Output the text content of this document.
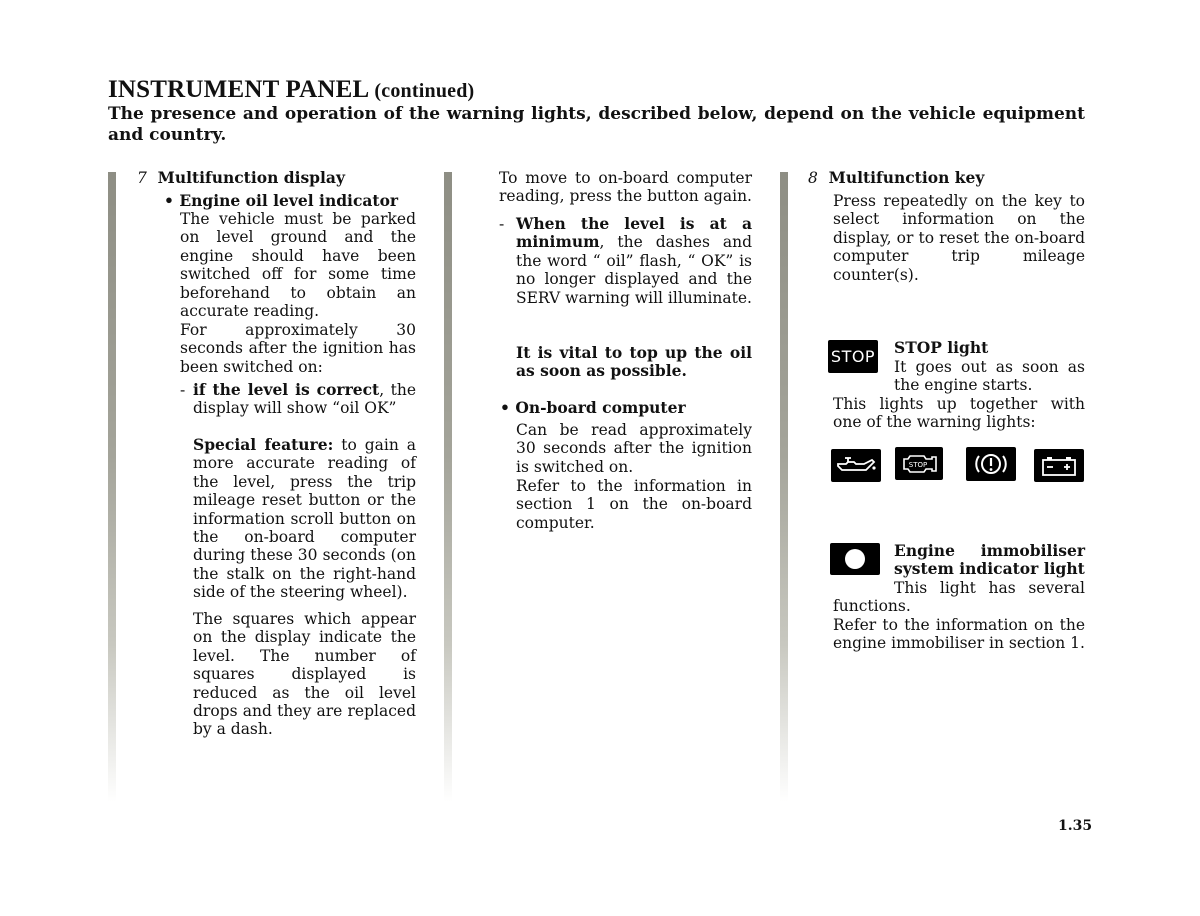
INSTRUMENT PANEL (continued)
The presence and operation of the warning lights, described below, depend on the vehicle equipment and country.
7 Multifunction display
• Engine oil level indicator
The vehicle must be parked on level ground and the engine should have been switched off for some time beforehand to obtain an accurate reading.
For approximately 30 seconds after the ignition has been switched on:
- if the level is correct, the display will show “oil OK”
Special feature: to gain a more accurate reading of the level, press the trip mileage reset button or the information scroll button on the on-board computer during these 30 seconds (on the stalk on the right-hand side of the steering wheel).
The squares which appear on the display indicate the level. The number of squares displayed is reduced as the oil level drops and they are replaced by a dash.
To move to on-board computer reading, press the button again.
- When the level is at a minimum, the dashes and the word “ oil” flash, “ OK” is no longer displayed and the SERV warning will illuminate.
It is vital to top up the oil as soon as possible.
• On-board computer
Can be read approximately 30 seconds after the ignition is switched on.
Refer to the information in section 1 on the on-board computer.
8 Multifunction key
Press repeatedly on the key to select information on the display, or to reset the on-board computer trip mileage counter(s).
STOP STOP light
It goes out as soon as the engine starts.
This lights up together with one of the warning lights:
STOP
Engine immobiliser system indicator light
This light has several functions.
Refer to the information on the engine immobiliser in section 1.
1.35
